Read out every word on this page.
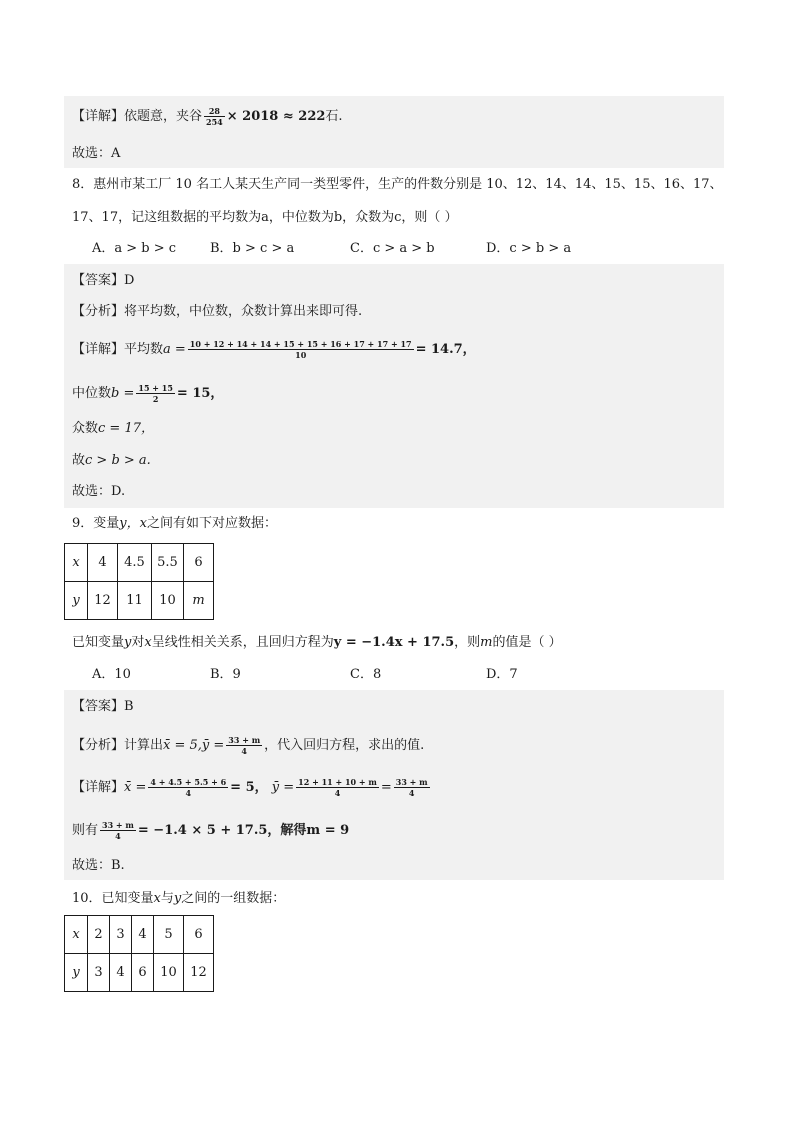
【详解】依题意，夹谷 $\frac{28}{254} \times 2018 \approx 222$石.
故选：A
8．惠州市某工厂 10 名工人某天生产同一类型零件，生产的件数分别是 10、12、14、14、15、15、16、17、
17、17，记这组数据的平均数为a，中位数为b，众数为c，则（ ）
A．a > b > c	B．b > c > a	C．c > a > b	D．c > b > a
【答案】D
【分析】将平均数，中位数，众数计算出来即可得.
【详解】平均数$a = \frac{10 + 12 + 14 + 14 + 15 + 15 + 16 + 17 + 17 + 17}{10} = 14.7$，
中位数$b = \frac{15 + 15}{2} = 15$，
众数c = 17，
故c > b > a.
故选：D.
9．变量y，x之间有如下对应数据：
x	4	4.5	5.5	6
y	12	11	10	m
已知变量y对x呈线性相关关系，且回归方程为y = −1.4x + 17.5，则m的值是（ ）
A．10	B．9	C．8	D．7
【答案】B
【分析】计算出x̄ = 5,ȳ = $\frac{33 + m}{4}$ ，代入回归方程，求出的值.
【详解】x̄ = $\frac{4 + 4.5 + 5.5 + 6}{4} = 5$， ȳ = $\frac{12 + 11 + 10 + m}{4} = \frac{33 + m}{4}$
则有 $\frac{33 + m}{4} = -1.4 \times 5 + 17.5$，解得m = 9
故选：B.
10．已知变量x与y之间的一组数据：
x	2	3	4	5	6
y	3	4	6	10	12
